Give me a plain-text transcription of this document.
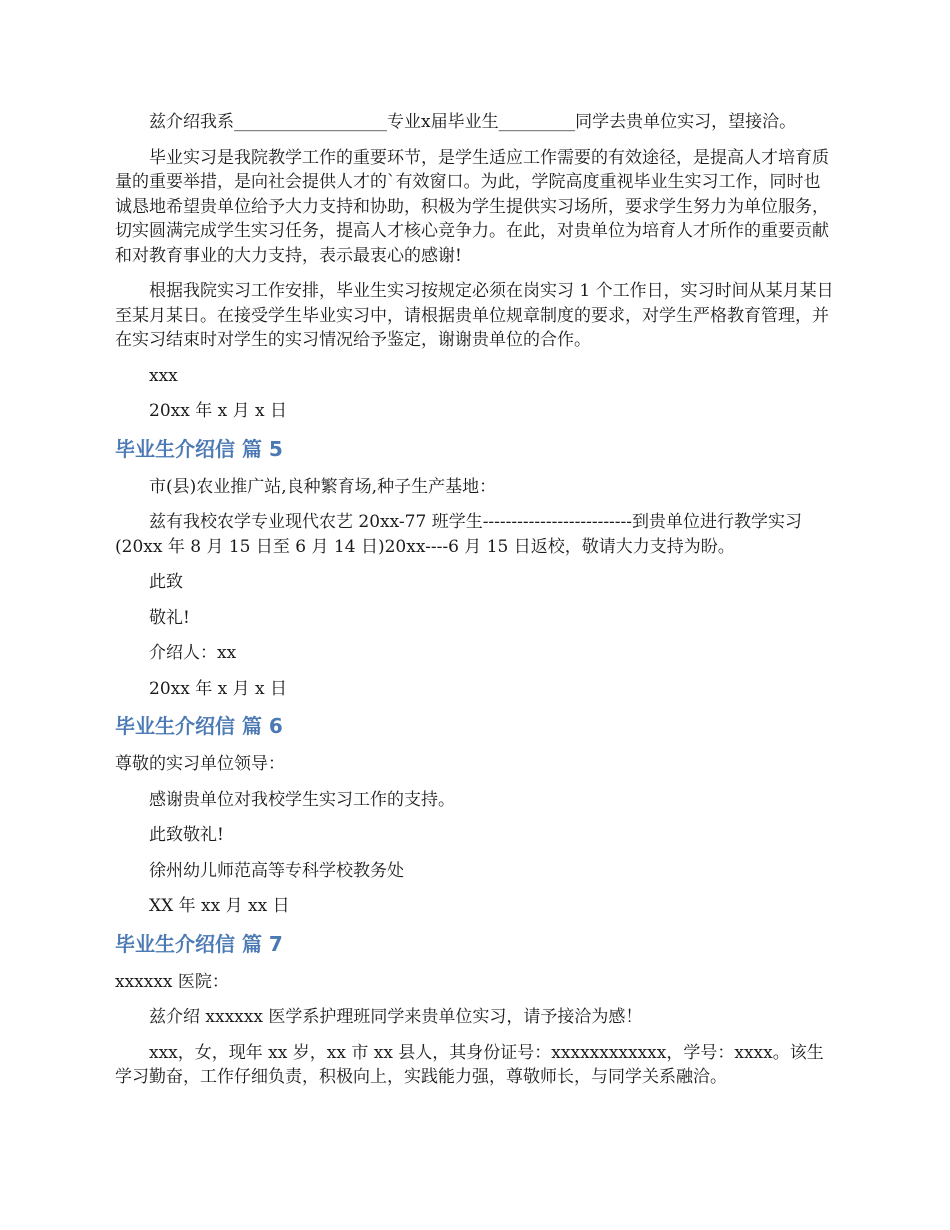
兹介绍我系__________________专业x届毕业生_________同学去贵单位实习，望接洽。

毕业实习是我院教学工作的重要环节，是学生适应工作需要的有效途径，是提高人才培育质量的重要举措，是向社会提供人才的`有效窗口。为此，学院高度重视毕业生实习工作，同时也诚恳地希望贵单位给予大力支持和协助，积极为学生提供实习场所，要求学生努力为单位服务，切实圆满完成学生实习任务，提高人才核心竞争力。在此，对贵单位为培育人才所作的重要贡献和对教育事业的大力支持，表示最衷心的感谢!

根据我院实习工作安排，毕业生实习按规定必须在岗实习 1 个工作日，实习时间从某月某日至某月某日。在接受学生毕业实习中，请根据贵单位规章制度的要求，对学生严格教育管理，并在实习结束时对学生的实习情况给予鉴定，谢谢贵单位的合作。

xxx

20xx 年 x 月 x 日

毕业生介绍信 篇 5

市(县)农业推广站,良种繁育场,种子生产基地：

兹有我校农学专业现代农艺 20xx-77 班学生--------------------------到贵单位进行教学实习(20xx 年 8 月 15 日至 6 月 14 日)20xx----6 月 15 日返校，敬请大力支持为盼。

此致

敬礼!

介绍人：xx

20xx 年 x 月 x 日

毕业生介绍信 篇 6

尊敬的实习单位领导：

感谢贵单位对我校学生实习工作的支持。

此致敬礼!

徐州幼儿师范高等专科学校教务处

XX 年 xx 月 xx 日

毕业生介绍信 篇 7

xxxxxx 医院：

兹介绍 xxxxxx 医学系护理班同学来贵单位实习，请予接洽为感！

xxx，女，现年 xx 岁，xx 市 xx 县人，其身份证号：xxxxxxxxxxxx，学号：xxxx。该生学习勤奋，工作仔细负责，积极向上，实践能力强，尊敬师长，与同学关系融洽。
